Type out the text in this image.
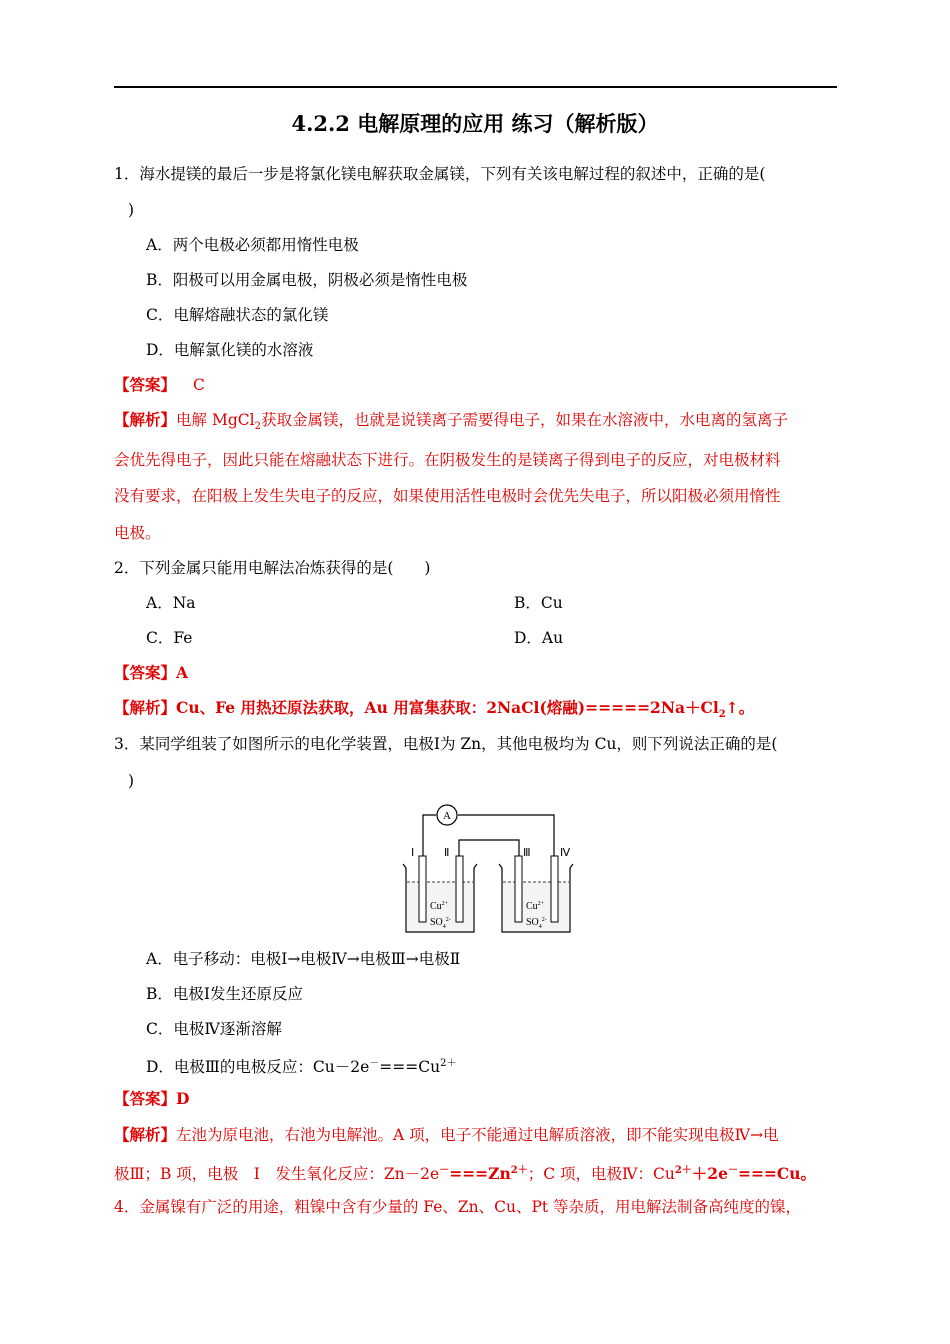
4.2.2 电解原理的应用 练习（解析版）
1．海水提镁的最后一步是将氯化镁电解获取金属镁，下列有关该电解过程的叙述中，正确的是(
)
A．两个电极必须都用惰性电极
B．阳极可以用金属电极，阴极必须是惰性电极
C．电解熔融状态的氯化镁
D．电解氯化镁的水溶液
【答案】 C
【解析】电解 MgCl$_2$获取金属镁，也就是说镁离子需要得电子，如果在水溶液中，水电离的氢离子
会优先得电子，因此只能在熔融状态下进行。在阴极发生的是镁离子得到电子的反应，对电极材料
没有要求，在阳极上发生失电子的反应，如果使用活性电极时会优先失电子，所以阳极必须用惰性
电极。
2．下列金属只能用电解法冶炼获得的是(　　)
A．Na	B．Cu
C．Fe	D．Au
【答案】A
【解析】Cu、Fe 用热还原法获取，Au 用富集获取：2NaCl(熔融)$=====2Na+Cl_2↑$。
3．某同学组装了如图所示的电化学装置，电极Ⅰ为 Zn，其他电极均为 Cu，则下列说法正确的是(
)
A
Ⅰ	Ⅱ	Ⅲ	Ⅳ
$Cu^{2+}$
$SO_4^{2-}$
$Cu^{2+}$
$SO_4^{2-}$
A．电子移动：电极Ⅰ→电极Ⅳ→电极Ⅲ→电极Ⅱ
B．电极Ⅰ发生还原反应
C．电极Ⅳ逐渐溶解
D．电极Ⅲ的电极反应：$Cu-2e^-===Cu^{2+}$
【答案】D
【解析】左池为原电池，右池为电解池。A 项，电子不能通过电解质溶液，即不能实现电极Ⅳ→电
极Ⅲ；B 项，电极　Ⅰ　发生氧化反应：$Zn-2e^-===Zn^{2+}$；C 项，电极Ⅳ：$Cu^{2+}+2e^-===Cu$。
4．金属镍有广泛的用途，粗镍中含有少量的 Fe、Zn、Cu、Pt 等杂质，用电解法制备高纯度的镍，
